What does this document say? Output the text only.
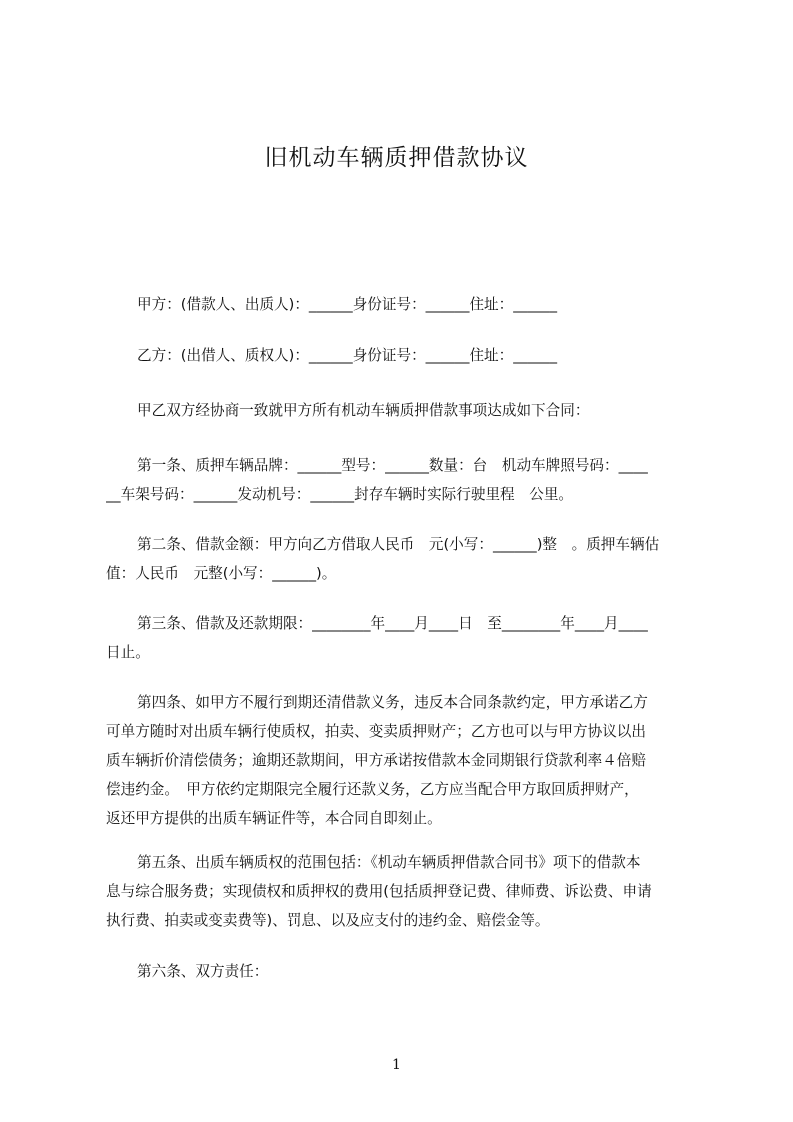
旧机动车辆质押借款协议
甲方：(借款人、出质人)：______身份证号：______住址：______
乙方：(出借人、质权人)：______身份证号：______住址：______
甲乙双方经协商一致就甲方所有机动车辆质押借款事项达成如下合同：
第一条、质押车辆品牌：______型号：______数量：台　机动车牌照号码：____
__车架号码：______发动机号：______封存车辆时实际行驶里程　公里。
第二条、借款金额：甲方向乙方借取人民币　元(小写：______)整　。质押车辆估
值：人民币　元整(小写：______)。
第三条、借款及还款期限：________年____月____日　至________年____月____
日止。
第四条、如甲方不履行到期还清借款义务，违反本合同条款约定，甲方承诺乙方
可单方随时对出质车辆行使质权，拍卖、变卖质押财产；乙方也可以与甲方协议以出
质车辆折价清偿债务；逾期还款期间，甲方承诺按借款本金同期银行贷款利率４倍赔
偿违约金。　甲方依约定期限完全履行还款义务，乙方应当配合甲方取回质押财产，
返还甲方提供的出质车辆证件等，本合同自即刻止。
第五条、出质车辆质权的范围包括：《机动车辆质押借款合同书》项下的借款本
息与综合服务费；实现债权和质押权的费用(包括质押登记费、律师费、诉讼费、申请
执行费、拍卖或变卖费等)、罚息、以及应支付的违约金、赔偿金等。
第六条、双方责任：
1
